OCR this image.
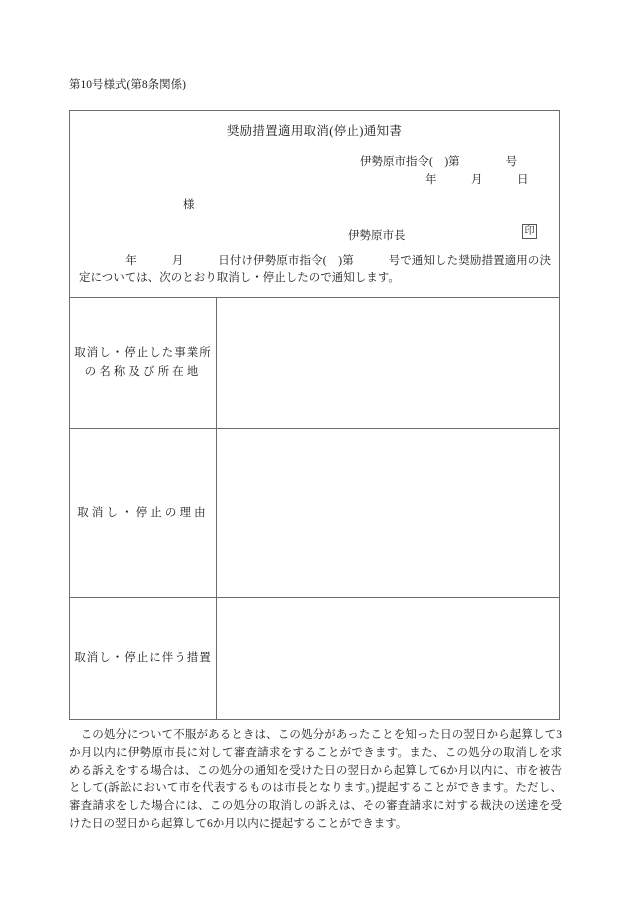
第10号様式(第8条関係)
奨励措置適用取消(停止)通知書
伊勢原市指令(　)第　　　　号
年　　　月　　　日
様
伊勢原市長	印
　　　　年　　　月　　　日付け伊勢原市指令(　)第　　　号で通知した奨励措置適用の決定については、次のとおり取消し・停止したので通知します。
取消し・停止した事業所
の名称及び所在地
取消し・停止の理由
取消し・停止に伴う措置
　この処分について不服があるときは、この処分があったことを知った日の翌日から起算して3か月以内に伊勢原市長に対して審査請求をすることができます。また、この処分の取消しを求める訴えをする場合は、この処分の通知を受けた日の翌日から起算して6か月以内に、市を被告として(訴訟において市を代表するものは市長となります。)提起することができます。ただし、審査請求をした場合には、この処分の取消しの訴えは、その審査請求に対する裁決の送達を受けた日の翌日から起算して6か月以内に提起することができます。
